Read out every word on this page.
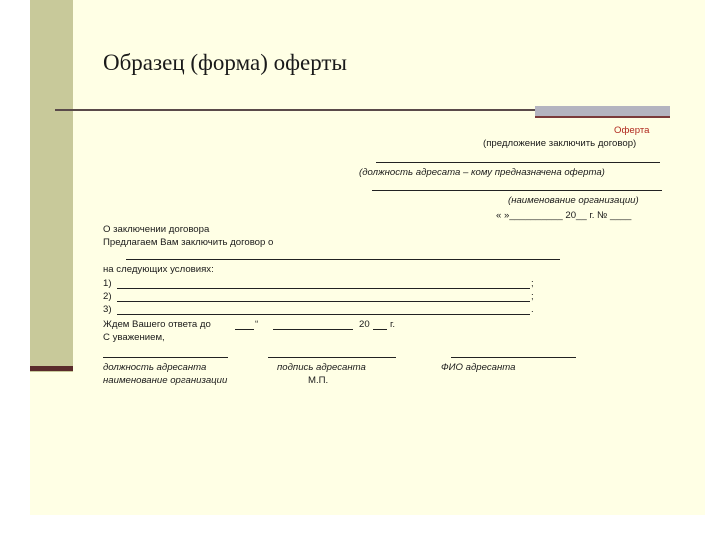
Образец (форма) оферты
Оферта
(предложение заключить договор)
(должность адресата – кому предназначена оферта)
(наименование организации)
« »__________ 20__ г. № ____
О заключении договора
Предлагаем Вам заключить договор о
на следующих условиях:
1)	;
2)	;
3)	.
Ждем Вашего ответа до	“	20 г.
С уважением,
должность адресанта	подпись адресанта	ФИО адресанта
наименование организации	М.П.
